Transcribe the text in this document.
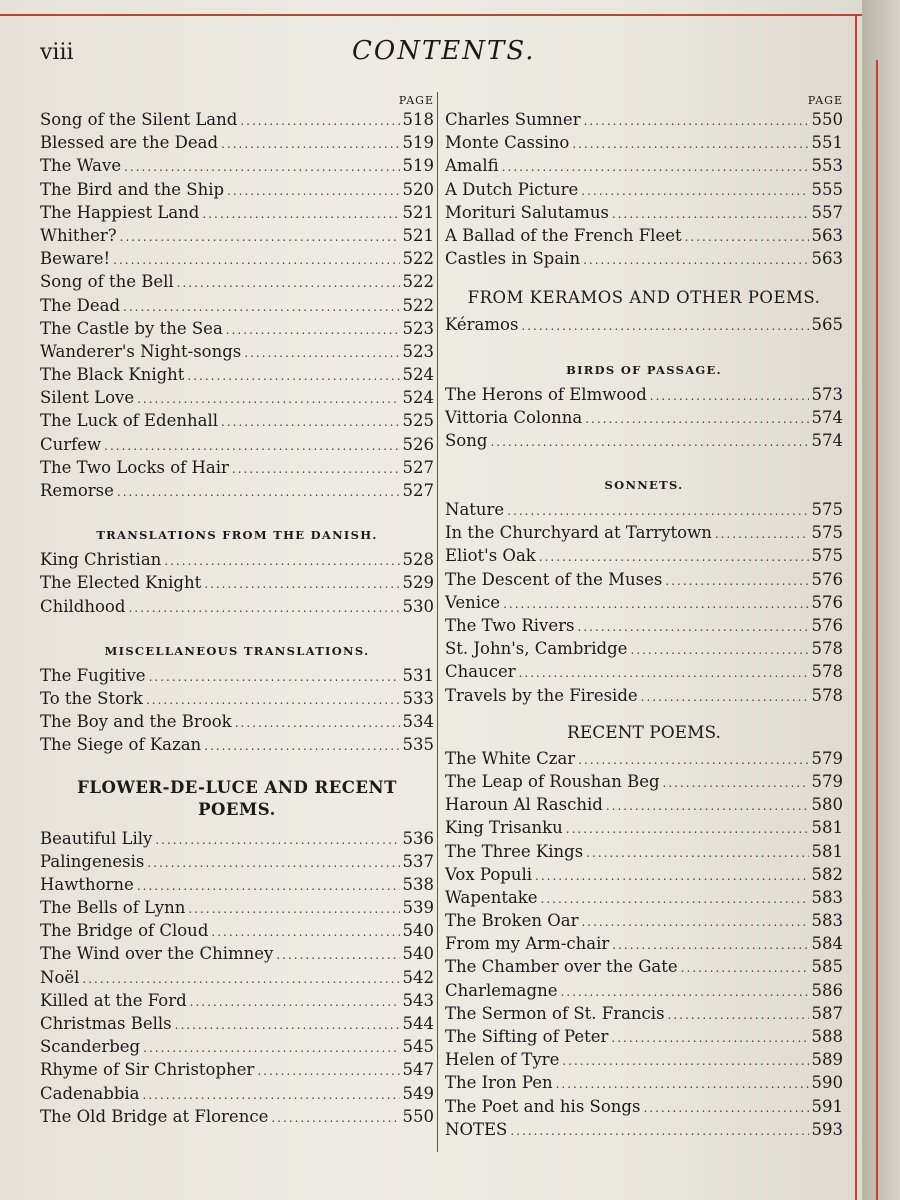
viii	CONTENTS.
PAGE
Song of the Silent Land .....	518
Blessed are the Dead .....	519
The Wave .....	519
The Bird and the Ship .....	520
The Happiest Land .....	521
Whither? .....	521
Beware! .....	522
Song of the Bell .....	522
The Dead .....	522
The Castle by the Sea .....	523
Wanderer's Night-songs .....	523
The Black Knight .....	524
Silent Love .....	524
The Luck of Edenhall .....	525
Curfew .....	526
The Two Locks of Hair .....	527
Remorse .....	527
TRANSLATIONS FROM THE DANISH.
King Christian .....	528
The Elected Knight .....	529
Childhood .....	530
MISCELLANEOUS TRANSLATIONS.
The Fugitive .....	531
To the Stork .....	533
The Boy and the Brook .....	534
The Siege of Kazan .....	535
FLOWER-DE-LUCE AND RECENT
POEMS.
Beautiful Lily .....	536
Palingenesis .....	537
Hawthorne .....	538
The Bells of Lynn .....	539
The Bridge of Cloud .....	540
The Wind over the Chimney .....	540
Noël .....	542
Killed at the Ford .....	543
Christmas Bells .....	544
Scanderbeg .....	545
Rhyme of Sir Christopher .....	547
Cadenabbia .....	549
The Old Bridge at Florence .....	550
PAGE
Charles Sumner .....	550
Monte Cassino .....	551
Amalfi .....	553
A Dutch Picture .....	555
Morituri Salutamus .....	557
A Ballad of the French Fleet .....	563
Castles in Spain .....	563
FROM KERAMOS AND OTHER POEMS.
Kéramos .....	565
BIRDS OF PASSAGE.
The Herons of Elmwood .....	573
Vittoria Colonna .....	574
Song .....	574
SONNETS.
Nature .....	575
In the Churchyard at Tarrytown .....	575
Eliot's Oak .....	575
The Descent of the Muses .....	576
Venice .....	576
The Two Rivers .....	576
St. John's, Cambridge .....	578
Chaucer .....	578
Travels by the Fireside .....	578
RECENT POEMS.
The White Czar .....	579
The Leap of Roushan Beg .....	579
Haroun Al Raschid .....	580
King Trisanku .....	581
The Three Kings .....	581
Vox Populi .....	582
Wapentake .....	583
The Broken Oar .....	583
From my Arm-chair .....	584
The Chamber over the Gate .....	585
Charlemagne .....	586
The Sermon of St. Francis .....	587
The Sifting of Peter .....	588
Helen of Tyre .....	589
The Iron Pen .....	590
The Poet and his Songs .....	591
NOTES .....	593
